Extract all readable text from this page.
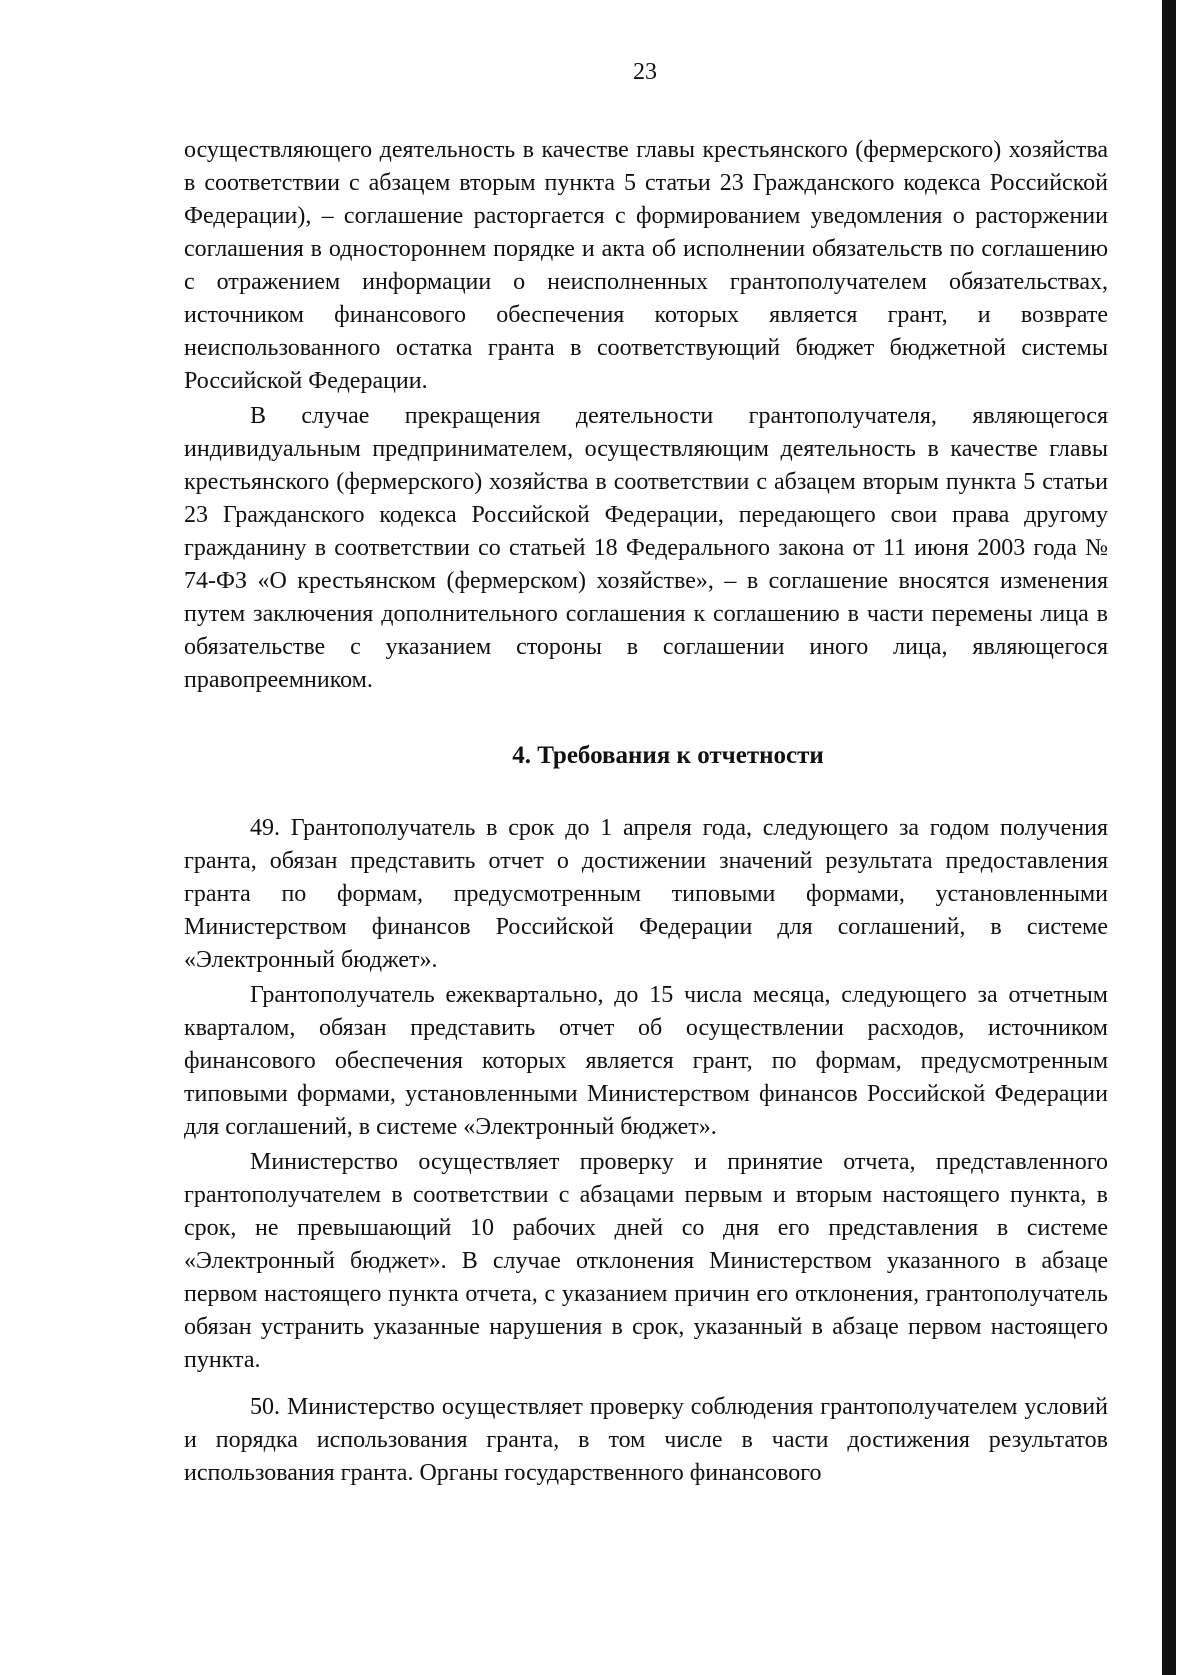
23

осуществляющего деятельность в качестве главы крестьянского (фермерского) хозяйства в соответствии с абзацем вторым пункта 5 статьи 23 Гражданского кодекса Российской Федерации), – соглашение расторгается с формированием уведомления о расторжении соглашения в одностороннем порядке и акта об исполнении обязательств по соглашению с отражением информации о неисполненных грантополучателем обязательствах, источником финансового обеспечения которых является грант, и возврате неиспользованного остатка гранта в соответствующий бюджет бюджетной системы Российской Федерации.

В случае прекращения деятельности грантополучателя, являющегося индивидуальным предпринимателем, осуществляющим деятельность в качестве главы крестьянского (фермерского) хозяйства в соответствии с абзацем вторым пункта 5 статьи 23 Гражданского кодекса Российской Федерации, передающего свои права другому гражданину в соответствии со статьей 18 Федерального закона от 11 июня 2003 года № 74-ФЗ «О крестьянском (фермерском) хозяйстве», – в соглашение вносятся изменения путем заключения дополнительного соглашения к соглашению в части перемены лица в обязательстве с указанием стороны в соглашении иного лица, являющегося правопреемником.

4. Требования к отчетности

49. Грантополучатель в срок до 1 апреля года, следующего за годом получения гранта, обязан представить отчет о достижении значений результата предоставления гранта по формам, предусмотренным типовыми формами, установленными Министерством финансов Российской Федерации для соглашений, в системе «Электронный бюджет».

Грантополучатель ежеквартально, до 15 числа месяца, следующего за отчетным кварталом, обязан представить отчет об осуществлении расходов, источником финансового обеспечения которых является грант, по формам, предусмотренным типовыми формами, установленными Министерством финансов Российской Федерации для соглашений, в системе «Электронный бюджет».

Министерство осуществляет проверку и принятие отчета, представленного грантополучателем в соответствии с абзацами первым и вторым настоящего пункта, в срок, не превышающий 10 рабочих дней со дня его представления в системе «Электронный бюджет». В случае отклонения Министерством указанного в абзаце первом настоящего пункта отчета, с указанием причин его отклонения, грантополучатель обязан устранить указанные нарушения в срок, указанный в абзаце первом настоящего пункта.

50. Министерство осуществляет проверку соблюдения грантополучателем условий и порядка использования гранта, в том числе в части достижения результатов использования гранта. Органы государственного финансового
